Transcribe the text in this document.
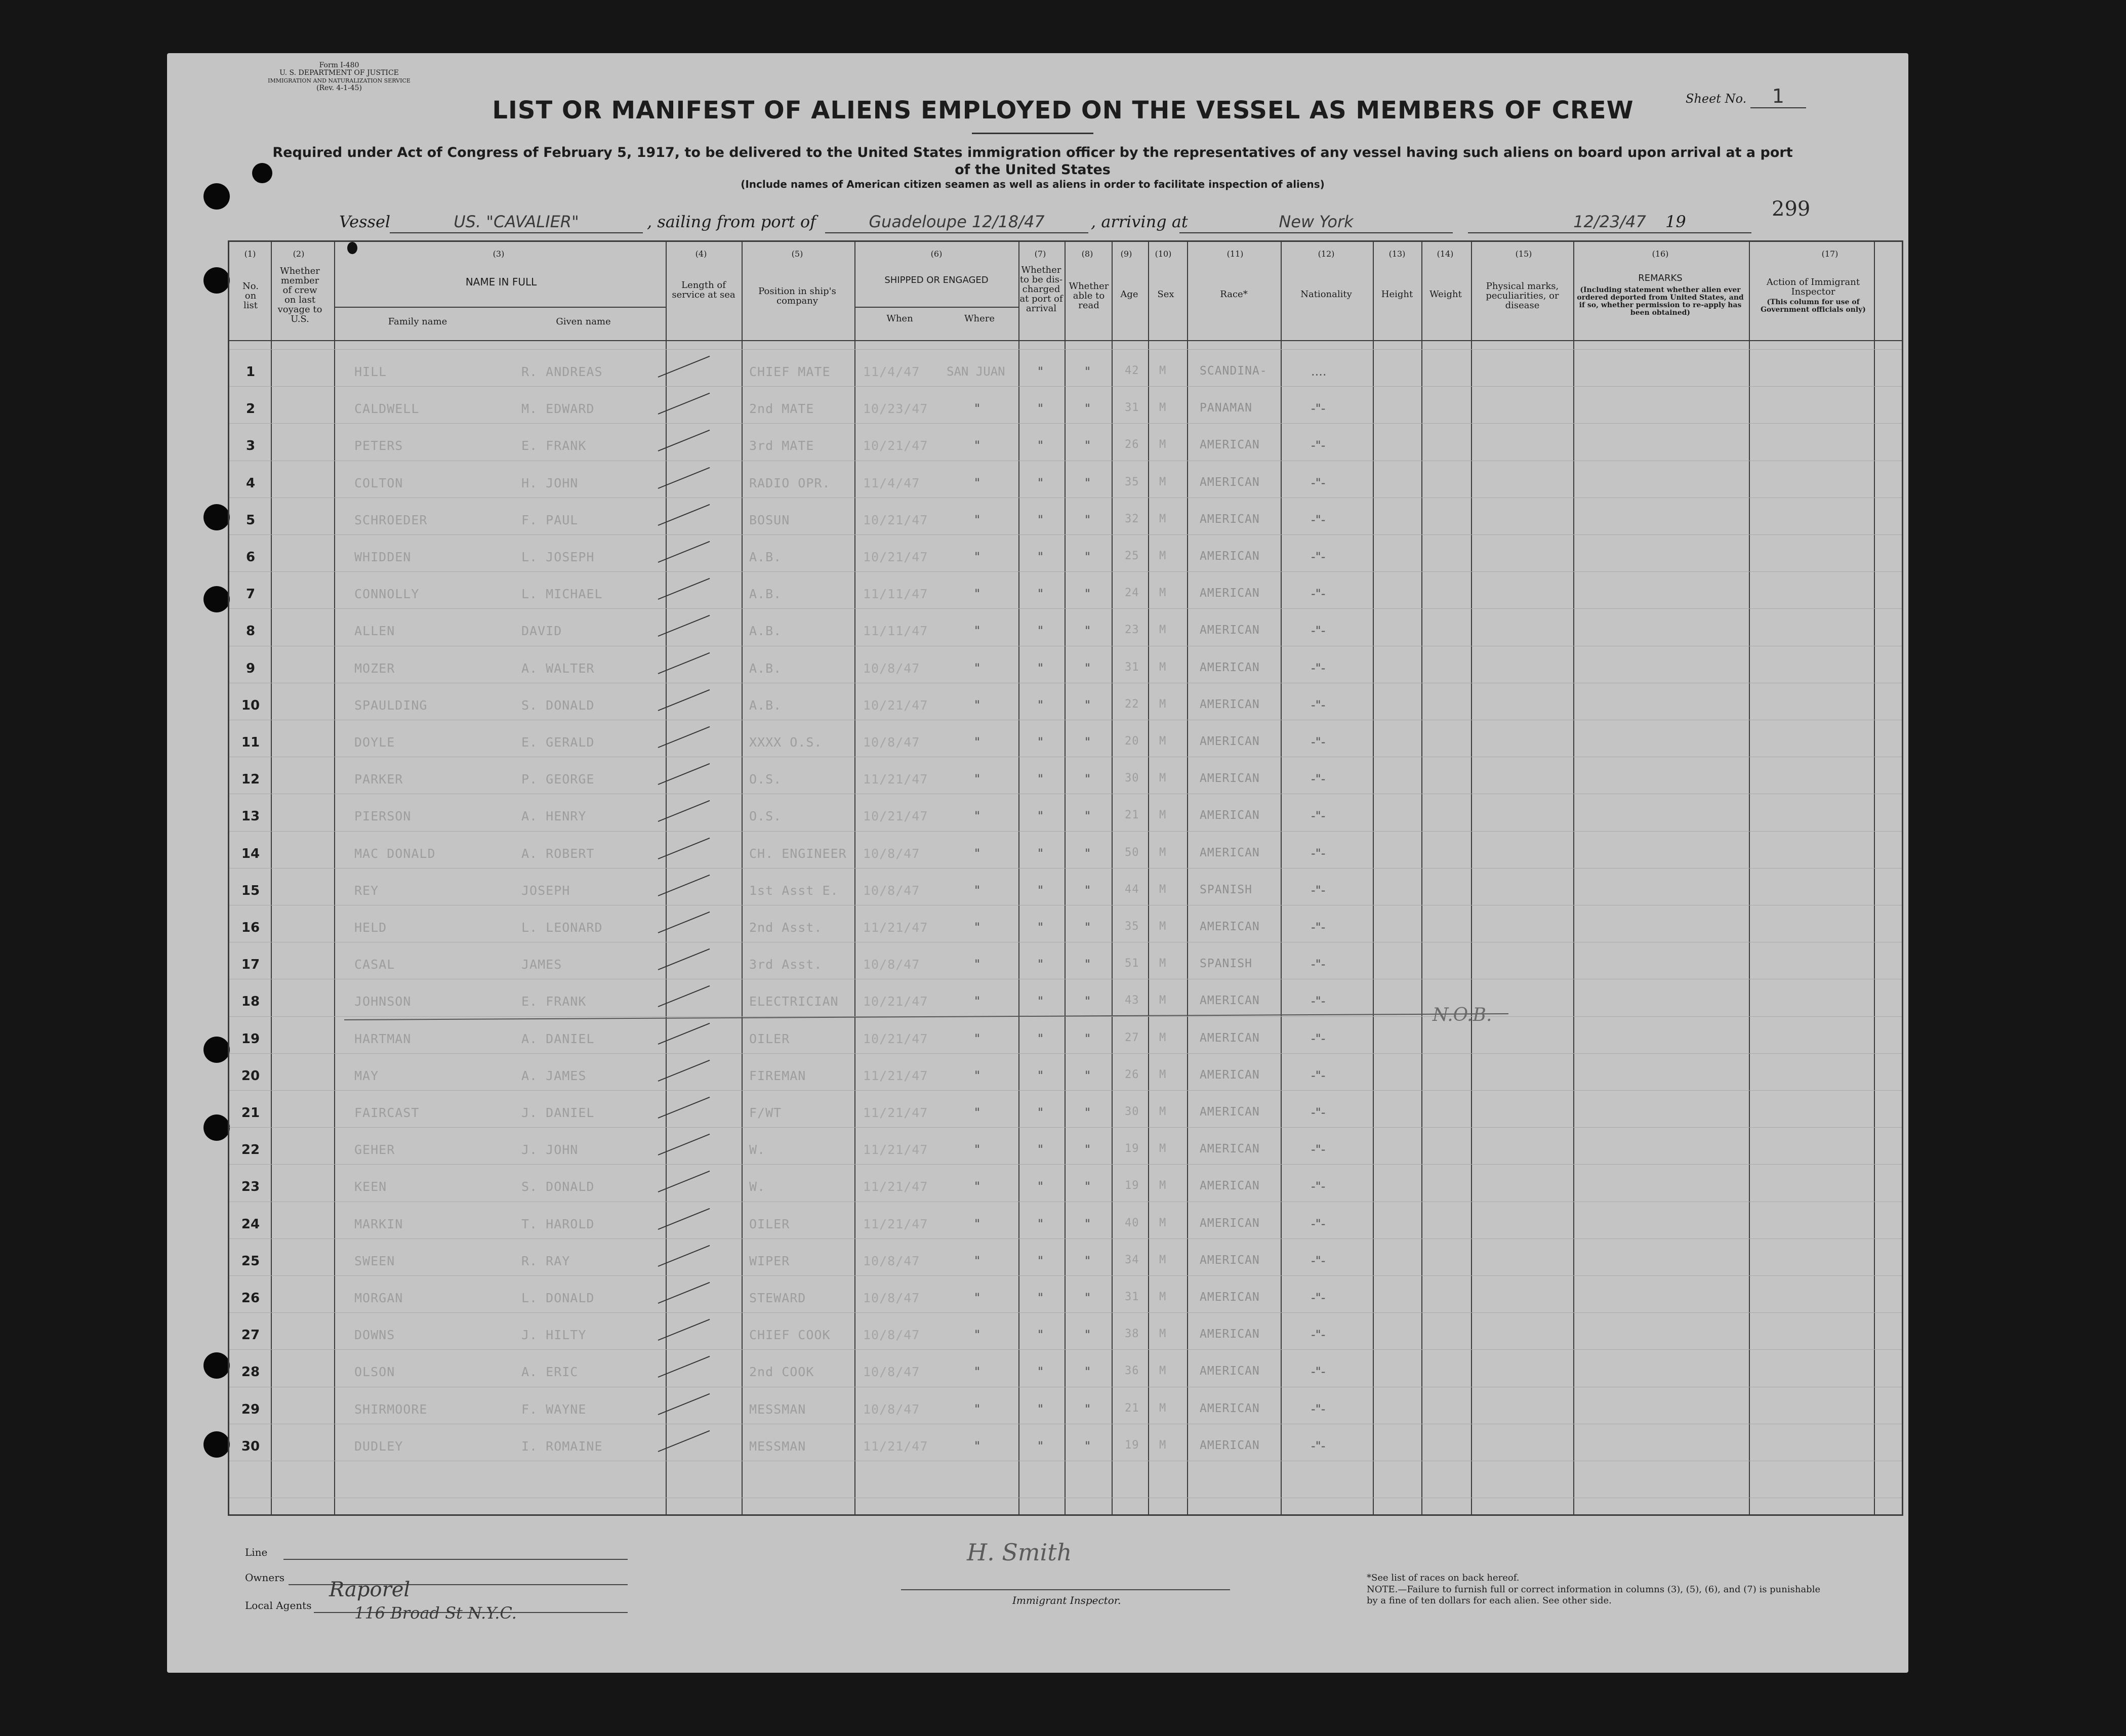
Form I-480
U. S. DEPARTMENT OF JUSTICE
IMMIGRATION AND NATURALIZATION SERVICE
(Rev. 4-1-45)
Sheet No. 1
LIST OR MANIFEST OF ALIENS EMPLOYED ON THE VESSEL AS MEMBERS OF CREW
Required under Act of Congress of February 5, 1917, to be delivered to the United States immigration officer by the representatives of any vessel having such aliens on board upon arrival at a port of the United States
(Include names of American citizen seamen as well as aliens in order to facilitate inspection of aliens)
299
Vessel	US. "CAVALIER"	, sailing from port of	Guadeloupe 12/18/47	, arriving at	New York	12/23/47	19
(1)	(2)	(3)	(4)	(5)	(6)	(7)	(8)	(9)	(10)	(11)	(12)	(13)	(14)	(15)	(16)	(17)
No. on list
Whether member of crew on last voyage to U.S.
NAME IN FULL
Family name	Given name
Length of service at sea	Position in ship's company
SHIPPED OR ENGAGED
When	Where
Whether to be dis-charged at port of arrival
Whether able to read
Age	Sex	Race*	Nationality	Height	Weight
Physical marks, peculiarities, or disease
REMARKS
(Including statement whether alien ever ordered deported from United States, and if so, whether permission to re-apply has been obtained)
Action of Immigrant Inspector
(This column for use of Government officials only)
1	HILL	R. ANDREAS	CHIEF MATE	11/4/47 SAN JUAN	"	"	42 M	SCANDINA-	....
2	CALDWELL	M. EDWARD	2nd MATE	10/23/47	"	"	"	31 M	PANAMAN	-"-
3	PETERS	E. FRANK	3rd MATE	10/21/47	"	"	"	26 M	AMERICAN	-"-
4	COLTON	H. JOHN	RADIO OPR.	11/4/47	"	"	"	35 M	AMERICAN	-"-
5	SCHROEDER	F. PAUL	BOSUN	10/21/47	"	"	"	32 M	AMERICAN	-"-
6	WHIDDEN	L. JOSEPH	A.B.	10/21/47	"	"	"	25 M	AMERICAN	-"-
7	CONNOLLY	L. MICHAEL	A.B.	11/11/47	"	"	"	24 M	AMERICAN	-"-
8	ALLEN	DAVID	A.B.	11/11/47	"	"	"	23 M	AMERICAN	-"-
9	MOZER	A. WALTER	A.B.	10/8/47	"	"	"	31 M	AMERICAN	-"-
10	SPAULDING	S. DONALD	A.B.	10/21/47	"	"	"	22 M	AMERICAN	-"-
11	DOYLE	E. GERALD	XXXX O.S.	10/8/47	"	"	"	20 M	AMERICAN	-"-
12	PARKER	P. GEORGE	O.S.	11/21/47	"	"	"	30 M	AMERICAN	-"-
13	PIERSON	A. HENRY	O.S.	10/21/47	"	"	"	21 M	AMERICAN	-"-
14	MAC DONALD	A. ROBERT	CH. ENGINEER 10/8/47	"	"	"	50 M	AMERICAN	-"-
15	REY	JOSEPH	1st Asst E. 10/8/47	"	"	"	44 M	SPANISH	-"-
16	HELD	L. LEONARD	2nd Asst.	11/21/47	"	"	"	35 M	AMERICAN	-"-
17	CASAL	JAMES	3rd Asst.	10/8/47	"	"	"	51 M	SPANISH	-"-
18	JOHNSON	E. FRANK	ELECTRICIAN 10/21/47	"	"	"	43 M	AMERICAN	-"-
19	HARTMAN	A. DANIEL	OILER	10/21/47	"	"	"	27 M	AMERICAN	-"-
20	MAY	A. JAMES	FIREMAN	11/21/47	"	"	"	26 M	AMERICAN	-"-
21	FAIRCAST	J. DANIEL	F/WT	11/21/47	"	"	"	30 M	AMERICAN	-"-
22	GEHER	J. JOHN	W.	11/21/47	"	"	"	19 M	AMERICAN	-"-
23	KEEN	S. DONALD	W.	11/21/47	"	"	"	19 M	AMERICAN	-"-
24	MARKIN	T. HAROLD	OILER	11/21/47	"	"	"	40 M	AMERICAN	-"-
25	SWEEN	R. RAY	WIPER	10/8/47	"	"	"	34 M	AMERICAN	-"-
26	MORGAN	L. DONALD	STEWARD	10/8/47	"	"	"	31 M	AMERICAN	-"-
27	DOWNS	J. HILTY	CHIEF COOK	10/8/47	"	"	"	38 M	AMERICAN	-"-
28	OLSON	A. ERIC	2nd COOK	10/8/47	"	"	"	36 M	AMERICAN	-"-
29	SHIRMOORE	F. WAYNE	MESSMAN	10/8/47	"	"	"	21 M	AMERICAN	-"-
30	DUDLEY	I. ROMAINE	MESSMAN	11/21/47	"	"	"	19 M	AMERICAN	-"-
N.O.B.
Line
Owners
Local Agents
Raporel
116 Broad St N.Y.C.
H. Smith
Immigrant Inspector.
*See list of races on back hereof.
NOTE.—Failure to furnish full or correct information in columns (3), (5), (6), and (7) is punishable by a fine of ten dollars for each alien. See other side.
